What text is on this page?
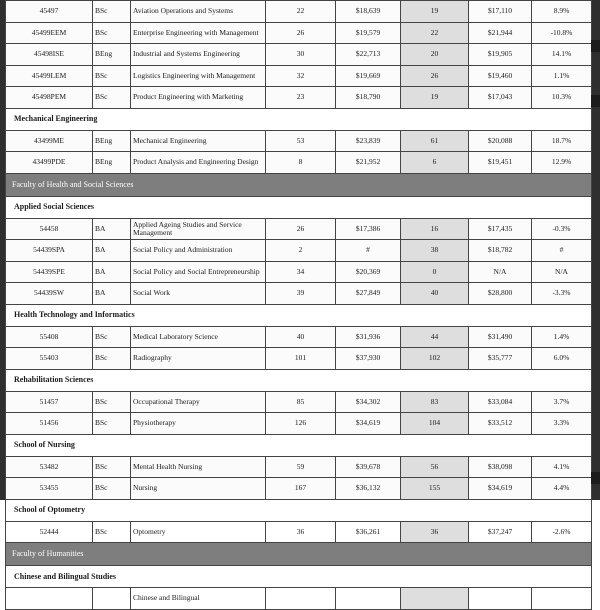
45497	BSc	Aviation Operations and Systems	22	$18,639	19	$17,110	8.9%
45499EEM	BSc	Enterprise Engineering with Management	26	$19,579	22	$21,944	-10.8%
45498ISE	BEng	Industrial and Systems Engineering	30	$22,713	20	$19,905	14.1%
45499LEM	BSc	Logistics Engineering with Management	32	$19,669	26	$19,460	1.1%
45498PEM	BSc	Product Engineering with Marketing	23	$18,790	19	$17,043	10.3%
Mechanical Engineering							
43499ME	BEng	Mechanical Engineering	53	$23,839	61	$20,088	18.7%
43499PDE	BEng	Product Analysis and Engineering Design	8	$21,952	6	$19,451	12.9%
Faculty of Health and Social Sciences							
Applied Social Sciences							
54458	BA	Applied Ageing Studies and Service Management	26	$17,386	16	$17,435	-0.3%
54439SPA	BA	Social Policy and Administration	2	#	38	$18,782	#
54439SPE	BA	Social Policy and Social Entrepreneurship	34	$20,369	0	N/A	N/A
54439SW	BA	Social Work	39	$27,849	40	$28,800	-3.3%
Health Technology and Informatics							
55408	BSc	Medical Laboratory Science	40	$31,936	44	$31,490	1.4%
55403	BSc	Radiography	101	$37,930	102	$35,777	6.0%
Rehabilitation Sciences							
51457	BSc	Occupational Therapy	85	$34,302	83	$33,084	3.7%
51456	BSc	Physiotherapy	126	$34,619	104	$33,512	3.3%
School of Nursing							
53482	BSc	Mental Health Nursing	59	$39,678	56	$38,098	4.1%
53455	BSc	Nursing	167	$36,132	155	$34,619	4.4%
School of Optometry							
52444	BSc	Optometry	36	$36,261	36	$37,247	-2.6%
Faculty of Humanities							
Chinese and Bilingual Studies							
		Chinese and Bilingual					
